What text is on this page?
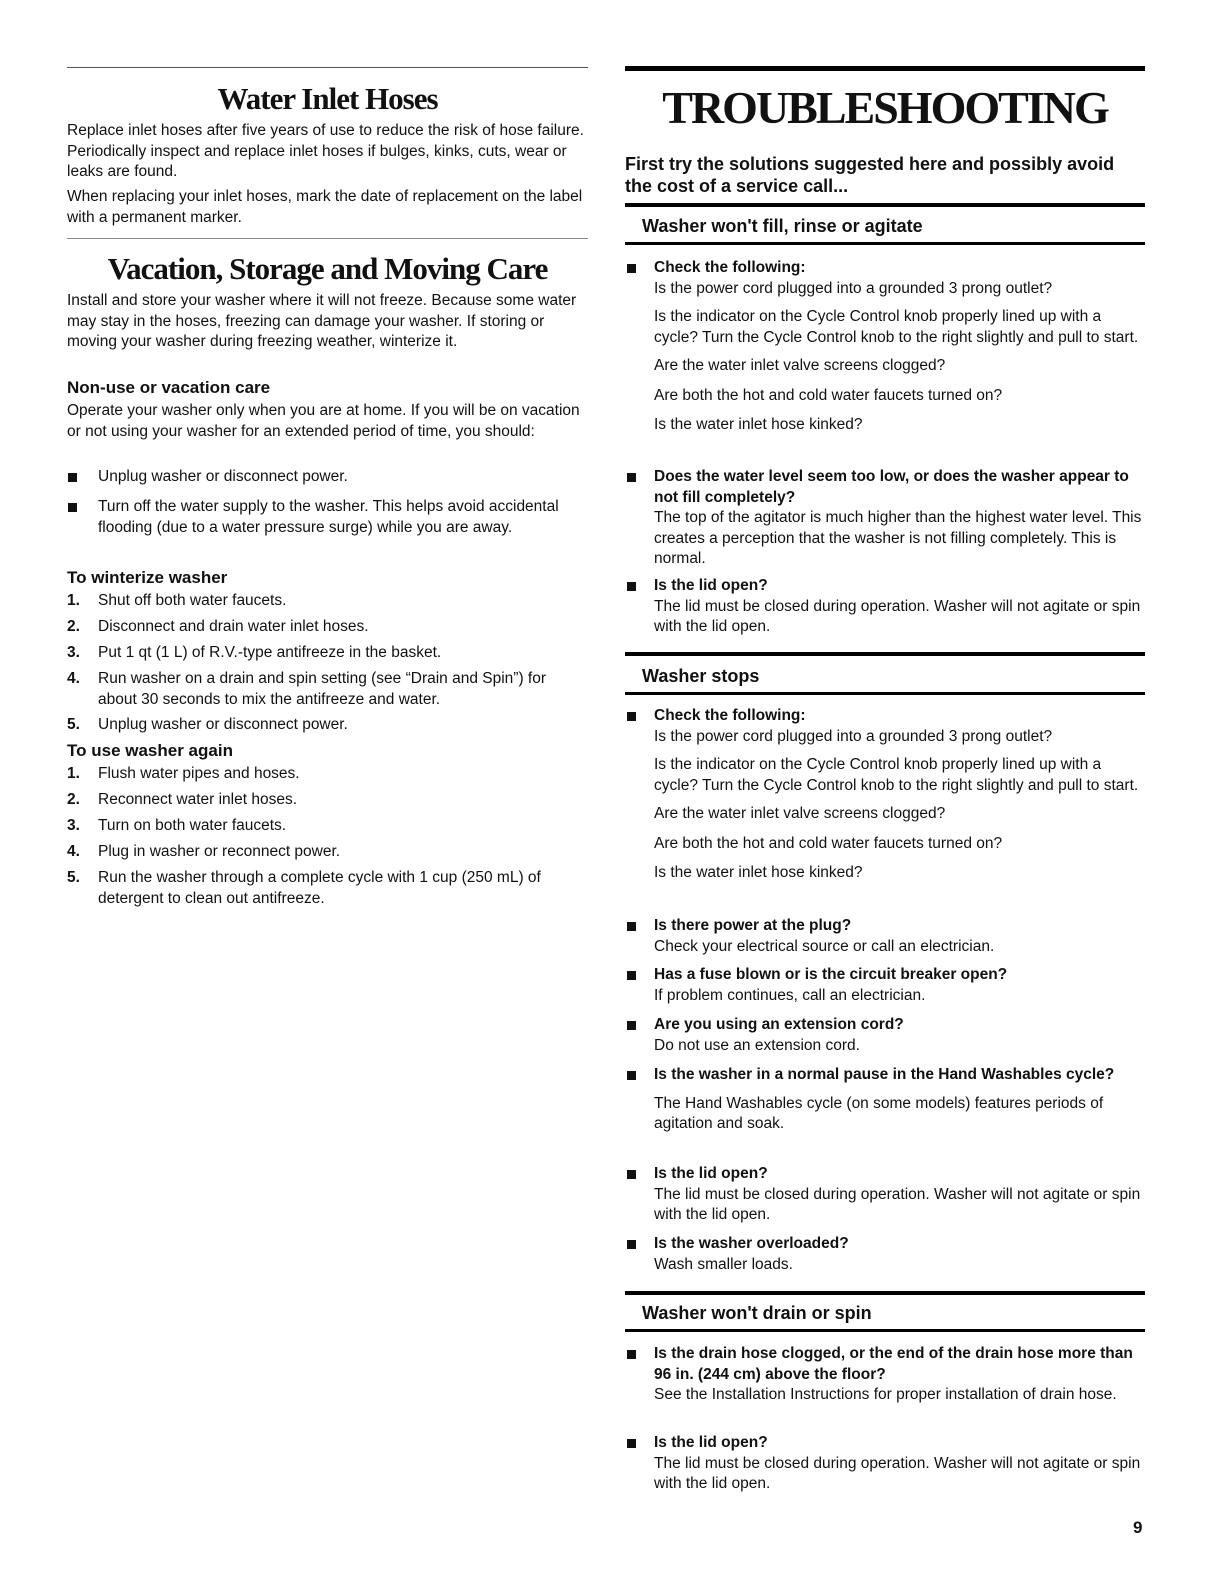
Water Inlet Hoses

Replace inlet hoses after five years of use to reduce the risk of hose failure. Periodically inspect and replace inlet hoses if bulges, kinks, cuts, wear or leaks are found.

When replacing your inlet hoses, mark the date of replacement on the label with a permanent marker.

Vacation, Storage and Moving Care

Install and store your washer where it will not freeze. Because some water may stay in the hoses, freezing can damage your washer. If storing or moving your washer during freezing weather, winterize it.

Non-use or vacation care

Operate your washer only when you are at home. If you will be on vacation or not using your washer for an extended period of time, you should:

Unplug washer or disconnect power.
Turn off the water supply to the washer. This helps avoid accidental flooding (due to a water pressure surge) while you are away.
To winterize washer
1. Shut off both water faucets.
2. Disconnect and drain water inlet hoses.
3. Put 1 qt (1 L) of R.V.-type antifreeze in the basket.
4. Run washer on a drain and spin setting (see “Drain and Spin”) for about 30 seconds to mix the antifreeze and water.
5. Unplug washer or disconnect power.
To use washer again
1. Flush water pipes and hoses.
2. Reconnect water inlet hoses.
3. Turn on both water faucets.
4. Plug in washer or reconnect power.
5. Run the washer through a complete cycle with 1 cup (250 mL) of detergent to clean out antifreeze.
TROUBLESHOOTING
First try the solutions suggested here and possibly avoid the cost of a service call...
Washer won't fill, rinse or agitate
Check the following:
Is the power cord plugged into a grounded 3 prong outlet?
Is the indicator on the Cycle Control knob properly lined up with a cycle? Turn the Cycle Control knob to the right slightly and pull to start.
Are the water inlet valve screens clogged?
Are both the hot and cold water faucets turned on?
Is the water inlet hose kinked?
Does the water level seem too low, or does the washer appear to not fill completely?
The top of the agitator is much higher than the highest water level. This creates a perception that the washer is not filling completely. This is normal.
Is the lid open?
The lid must be closed during operation. Washer will not agitate or spin with the lid open.
Washer stops
Check the following:
Is the power cord plugged into a grounded 3 prong outlet?
Is the indicator on the Cycle Control knob properly lined up with a cycle? Turn the Cycle Control knob to the right slightly and pull to start.
Are the water inlet valve screens clogged?
Are both the hot and cold water faucets turned on?
Is the water inlet hose kinked?
Is there power at the plug?
Check your electrical source or call an electrician.
Has a fuse blown or is the circuit breaker open?
If problem continues, call an electrician.
Are you using an extension cord?
Do not use an extension cord.
Is the washer in a normal pause in the Hand Washables cycle?
The Hand Washables cycle (on some models) features periods of agitation and soak.
Is the lid open?
The lid must be closed during operation. Washer will not agitate or spin with the lid open.
Is the washer overloaded?
Wash smaller loads.
Washer won't drain or spin
Is the drain hose clogged, or the end of the drain hose more than 96 in. (244 cm) above the floor?
See the Installation Instructions for proper installation of drain hose.
Is the lid open?
The lid must be closed during operation. Washer will not agitate or spin with the lid open.
9
